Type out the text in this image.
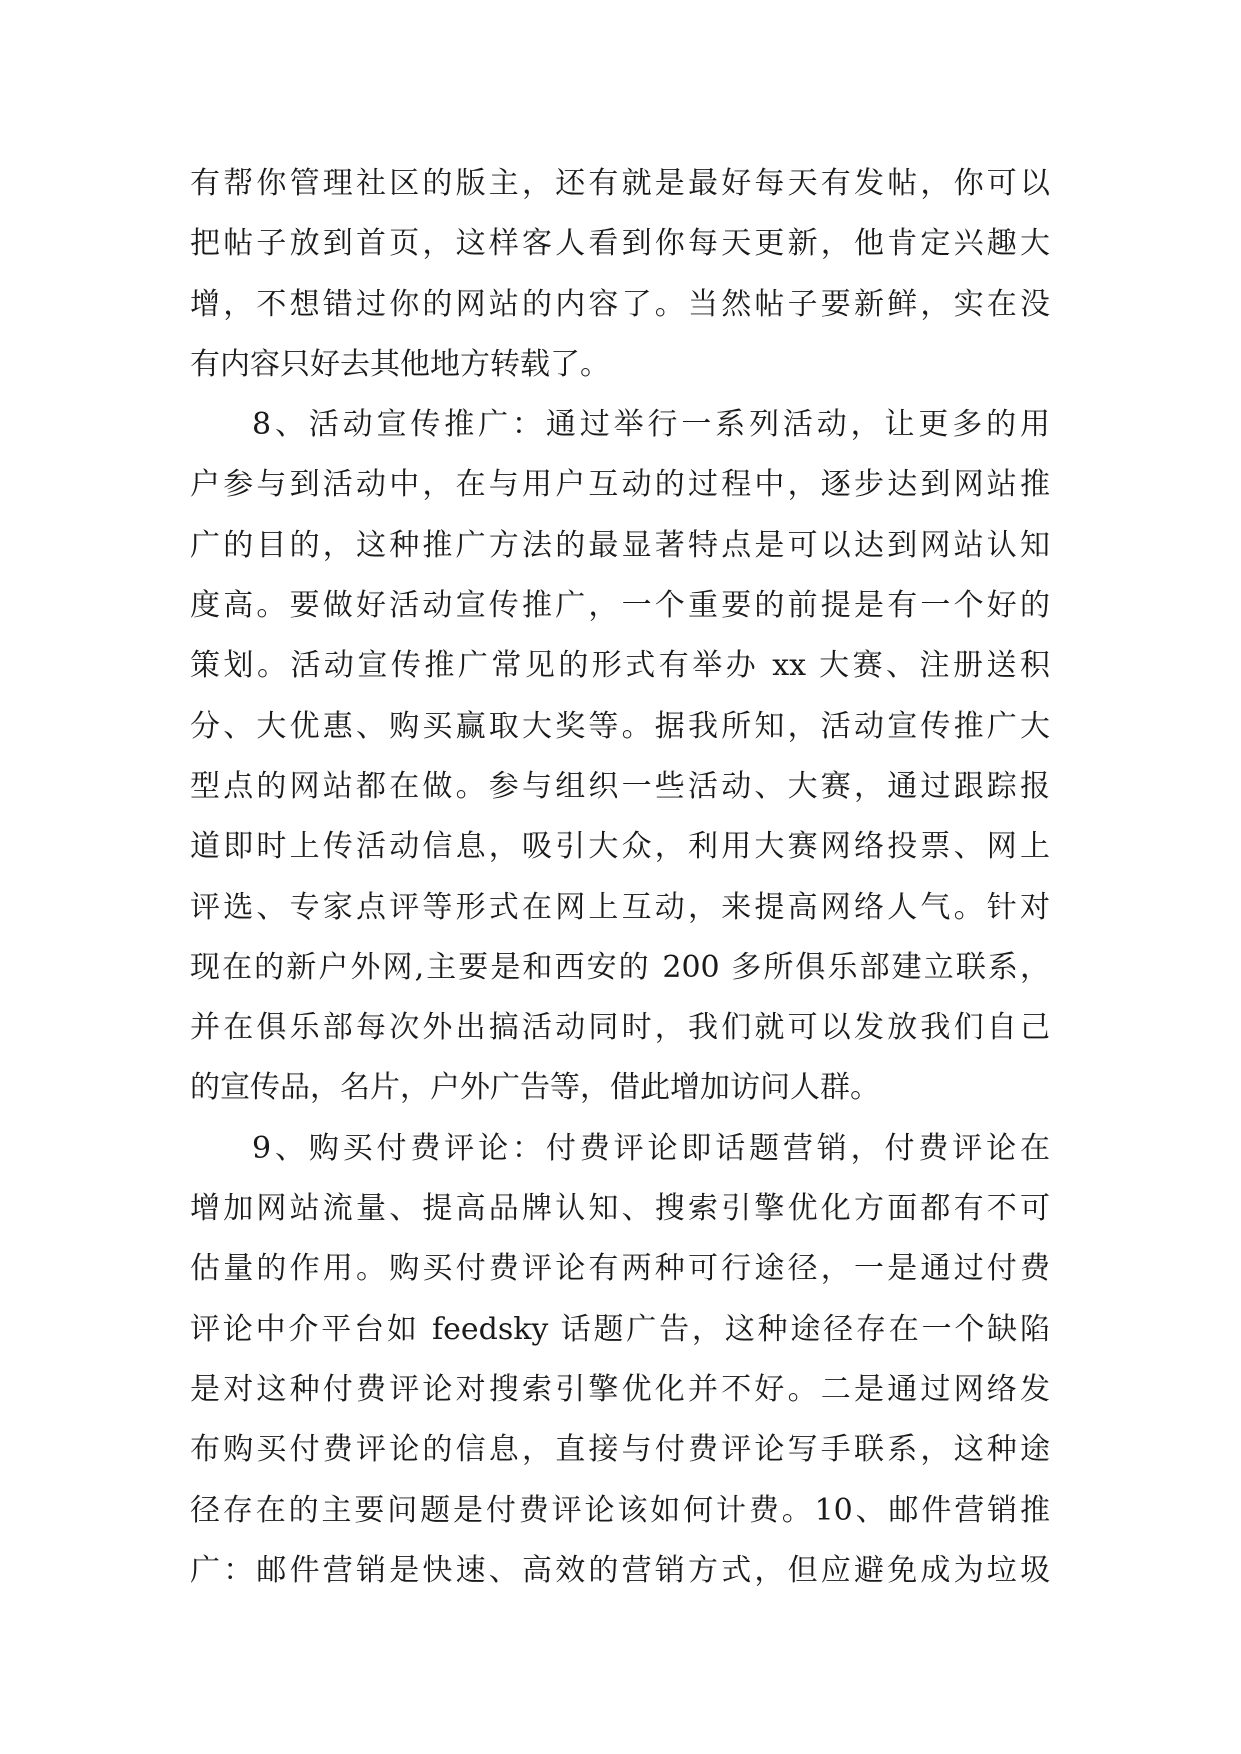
有帮你管理社区的版主，还有就是最好每天有发帖，你可以
把帖子放到首页，这样客人看到你每天更新，他肯定兴趣大
增，不想错过你的网站的内容了。当然帖子要新鲜，实在没
有内容只好去其他地方转载了。
8、活动宣传推广：通过举行一系列活动，让更多的用
户参与到活动中，在与用户互动的过程中，逐步达到网站推
广的目的，这种推广方法的最显著特点是可以达到网站认知
度高。要做好活动宣传推广，一个重要的前提是有一个好的
策划。活动宣传推广常见的形式有举办 xx 大赛、注册送积
分、大优惠、购买赢取大奖等。据我所知，活动宣传推广大
型点的网站都在做。参与组织一些活动、大赛，通过跟踪报
道即时上传活动信息，吸引大众，利用大赛网络投票、网上
评选、专家点评等形式在网上互动，来提高网络人气。针对
现在的新户外网,主要是和西安的 200 多所俱乐部建立联系，
并在俱乐部每次外出搞活动同时，我们就可以发放我们自己
的宣传品，名片，户外广告等，借此增加访问人群。
9、购买付费评论：付费评论即话题营销，付费评论在
增加网站流量、提高品牌认知、搜索引擎优化方面都有不可
估量的作用。购买付费评论有两种可行途径，一是通过付费
评论中介平台如 feedsky 话题广告，这种途径存在一个缺陷
是对这种付费评论对搜索引擎优化并不好。二是通过网络发
布购买付费评论的信息，直接与付费评论写手联系，这种途
径存在的主要问题是付费评论该如何计费。10、邮件营销推
广：邮件营销是快速、高效的营销方式，但应避免成为垃圾
